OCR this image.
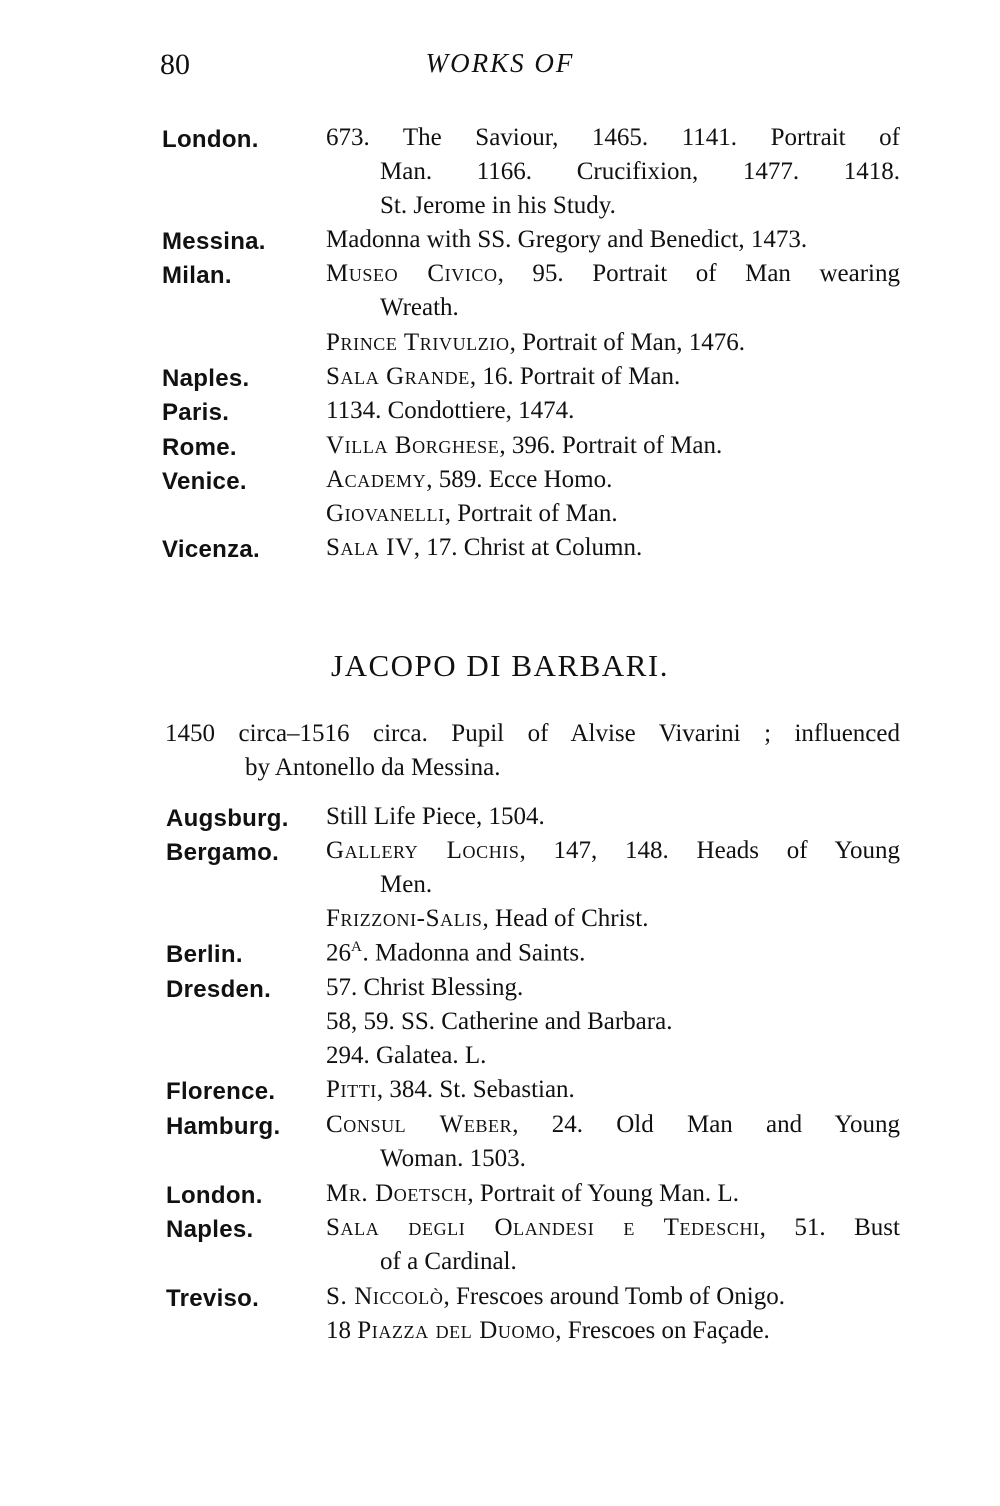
80	WORKS OF
London.	673. The Saviour, 1465. 1141. Portrait of
Man. 1166. Crucifixion, 1477. 1418.
St. Jerome in his Study.
Messina. Madonna with SS. Gregory and Benedict, 1473.
Milan.	Museo Civico, 95. Portrait of Man wearing
Wreath.
Prince Trivulzio, Portrait of Man, 1476.
Naples.	Sala Grande, 16. Portrait of Man.
Paris.	1134. Condottiere, 1474.
Rome.	Villa Borghese, 396. Portrait of Man.
Venice.	Academy, 589. Ecce Homo.
Giovanelli, Portrait of Man.
Vicenza.	Sala IV, 17. Christ at Column.
JACOPO DI BARBARI.
1450 circa–1516 circa. Pupil of Alvise Vivarini ; influenced
by Antonello da Messina.
Augsburg. Still Life Piece, 1504.
Bergamo. Gallery Lochis, 147, 148. Heads of Young
Men.
Frizzoni-Salis, Head of Christ.
Berlin.	$26^A$. Madonna and Saints.
Dresden. 57. Christ Blessing.
58, 59. SS. Catherine and Barbara.
294. Galatea. L.
Florence. Pitti, 384. St. Sebastian.
Hamburg. Consul Weber, 24. Old Man and Young
Woman. 1503.
London.	Mr. Doetsch, Portrait of Young Man. L.
Naples.	Sala degli Olandesi e Tedeschi, 51. Bust
of a Cardinal.
Treviso.	S. Niccolò, Frescoes around Tomb of Onigo.
18 Piazza del Duomo, Frescoes on Façade.
